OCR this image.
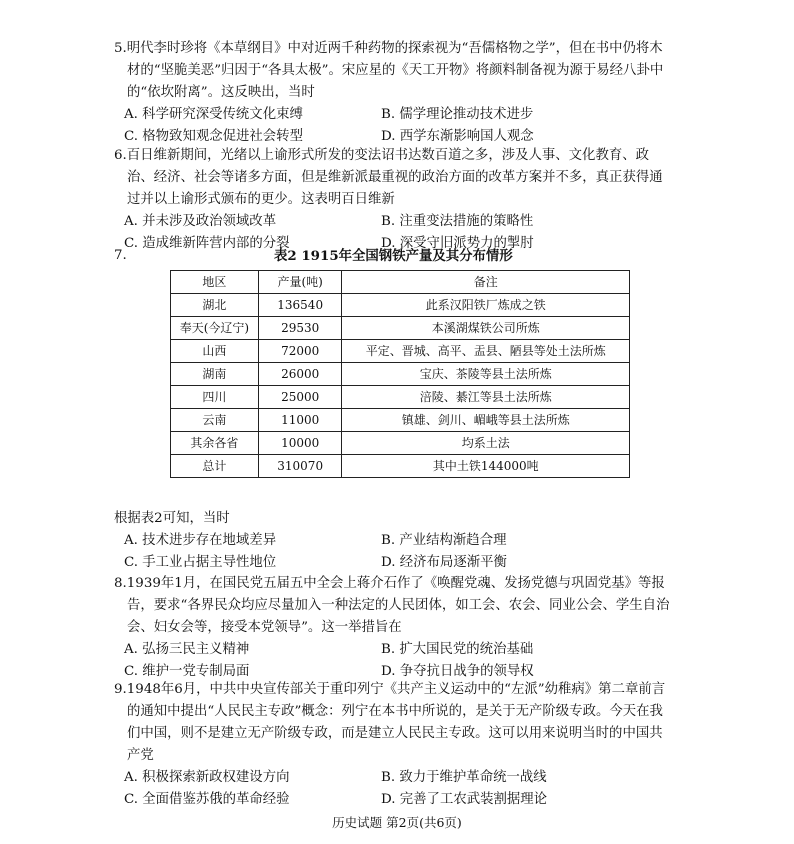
5.明代李时珍将《本草纲目》中对近两千种药物的探索视为“吾儒格物之学”，但在书中仍将木材的“坚脆美恶”归因于“各具太极”。宋应星的《天工开物》将颜料制备视为源于易经八卦中的“依坎附离”。这反映出，当时

A. 科学研究深受传统文化束缚	B. 儒学理论推动技术进步
C. 格物致知观念促进社会转型	D. 西学东渐影响国人观念

6.百日维新期间，光绪以上谕形式所发的变法诏书达数百道之多，涉及人事、文化教育、政治、经济、社会等诸多方面，但是维新派最重视的政治方面的改革方案并不多，真正获得通过并以上谕形式颁布的更少。这表明百日维新

A. 并未涉及政治领域改革	B. 注重变法措施的策略性
C. 造成维新阵营内部的分裂	D. 深受守旧派势力的掣肘
7.	表2 1915年全国钢铁产量及其分布情形
地区	产量(吨)	备注
湖北	136540	此系汉阳铁厂炼成之铁
奉天(今辽宁)	29530	本溪湖煤铁公司所炼
山西	72000	平定、晋城、高平、盂县、陋县等处土法所炼
湖南	26000	宝庆、茶陵等县土法所炼
四川	25000	涪陵、綦江等县土法所炼
云南	11000	镇雄、剑川、嵋峨等县土法所炼
其余各省	10000	均系土法
总计	310070	其中土铁144000吨

根据表2可知，当时

A. 技术进步存在地域差异	B. 产业结构渐趋合理
C. 手工业占据主导性地位	D. 经济布局逐渐平衡

8.1939年1月，在国民党五届五中全会上蒋介石作了《唤醒党魂、发扬党德与巩固党基》等报告，要求“各界民众均应尽量加入一种法定的人民团体，如工会、农会、同业公会、学生自治会、妇女会等，接受本党领导”。这一举措旨在

A. 弘扬三民主义精神	B. 扩大国民党的统治基础
C. 维护一党专制局面	D. 争夺抗日战争的领导权

9.1948年6月，中共中央宣传部关于重印列宁《共产主义运动中的“左派”幼稚病》第二章前言的通知中提出“人民民主专政”概念：列宁在本书中所说的，是关于无产阶级专政。今天在我们中国，则不是建立无产阶级专政，而是建立人民民主专政。这可以用来说明当时的中国共产党

A. 积极探索新政权建设方向	B. 致力于维护革命统一战线
C. 全面借鉴苏俄的革命经验	D. 完善了工农武装割据理论
历史试题 第2页(共6页)
